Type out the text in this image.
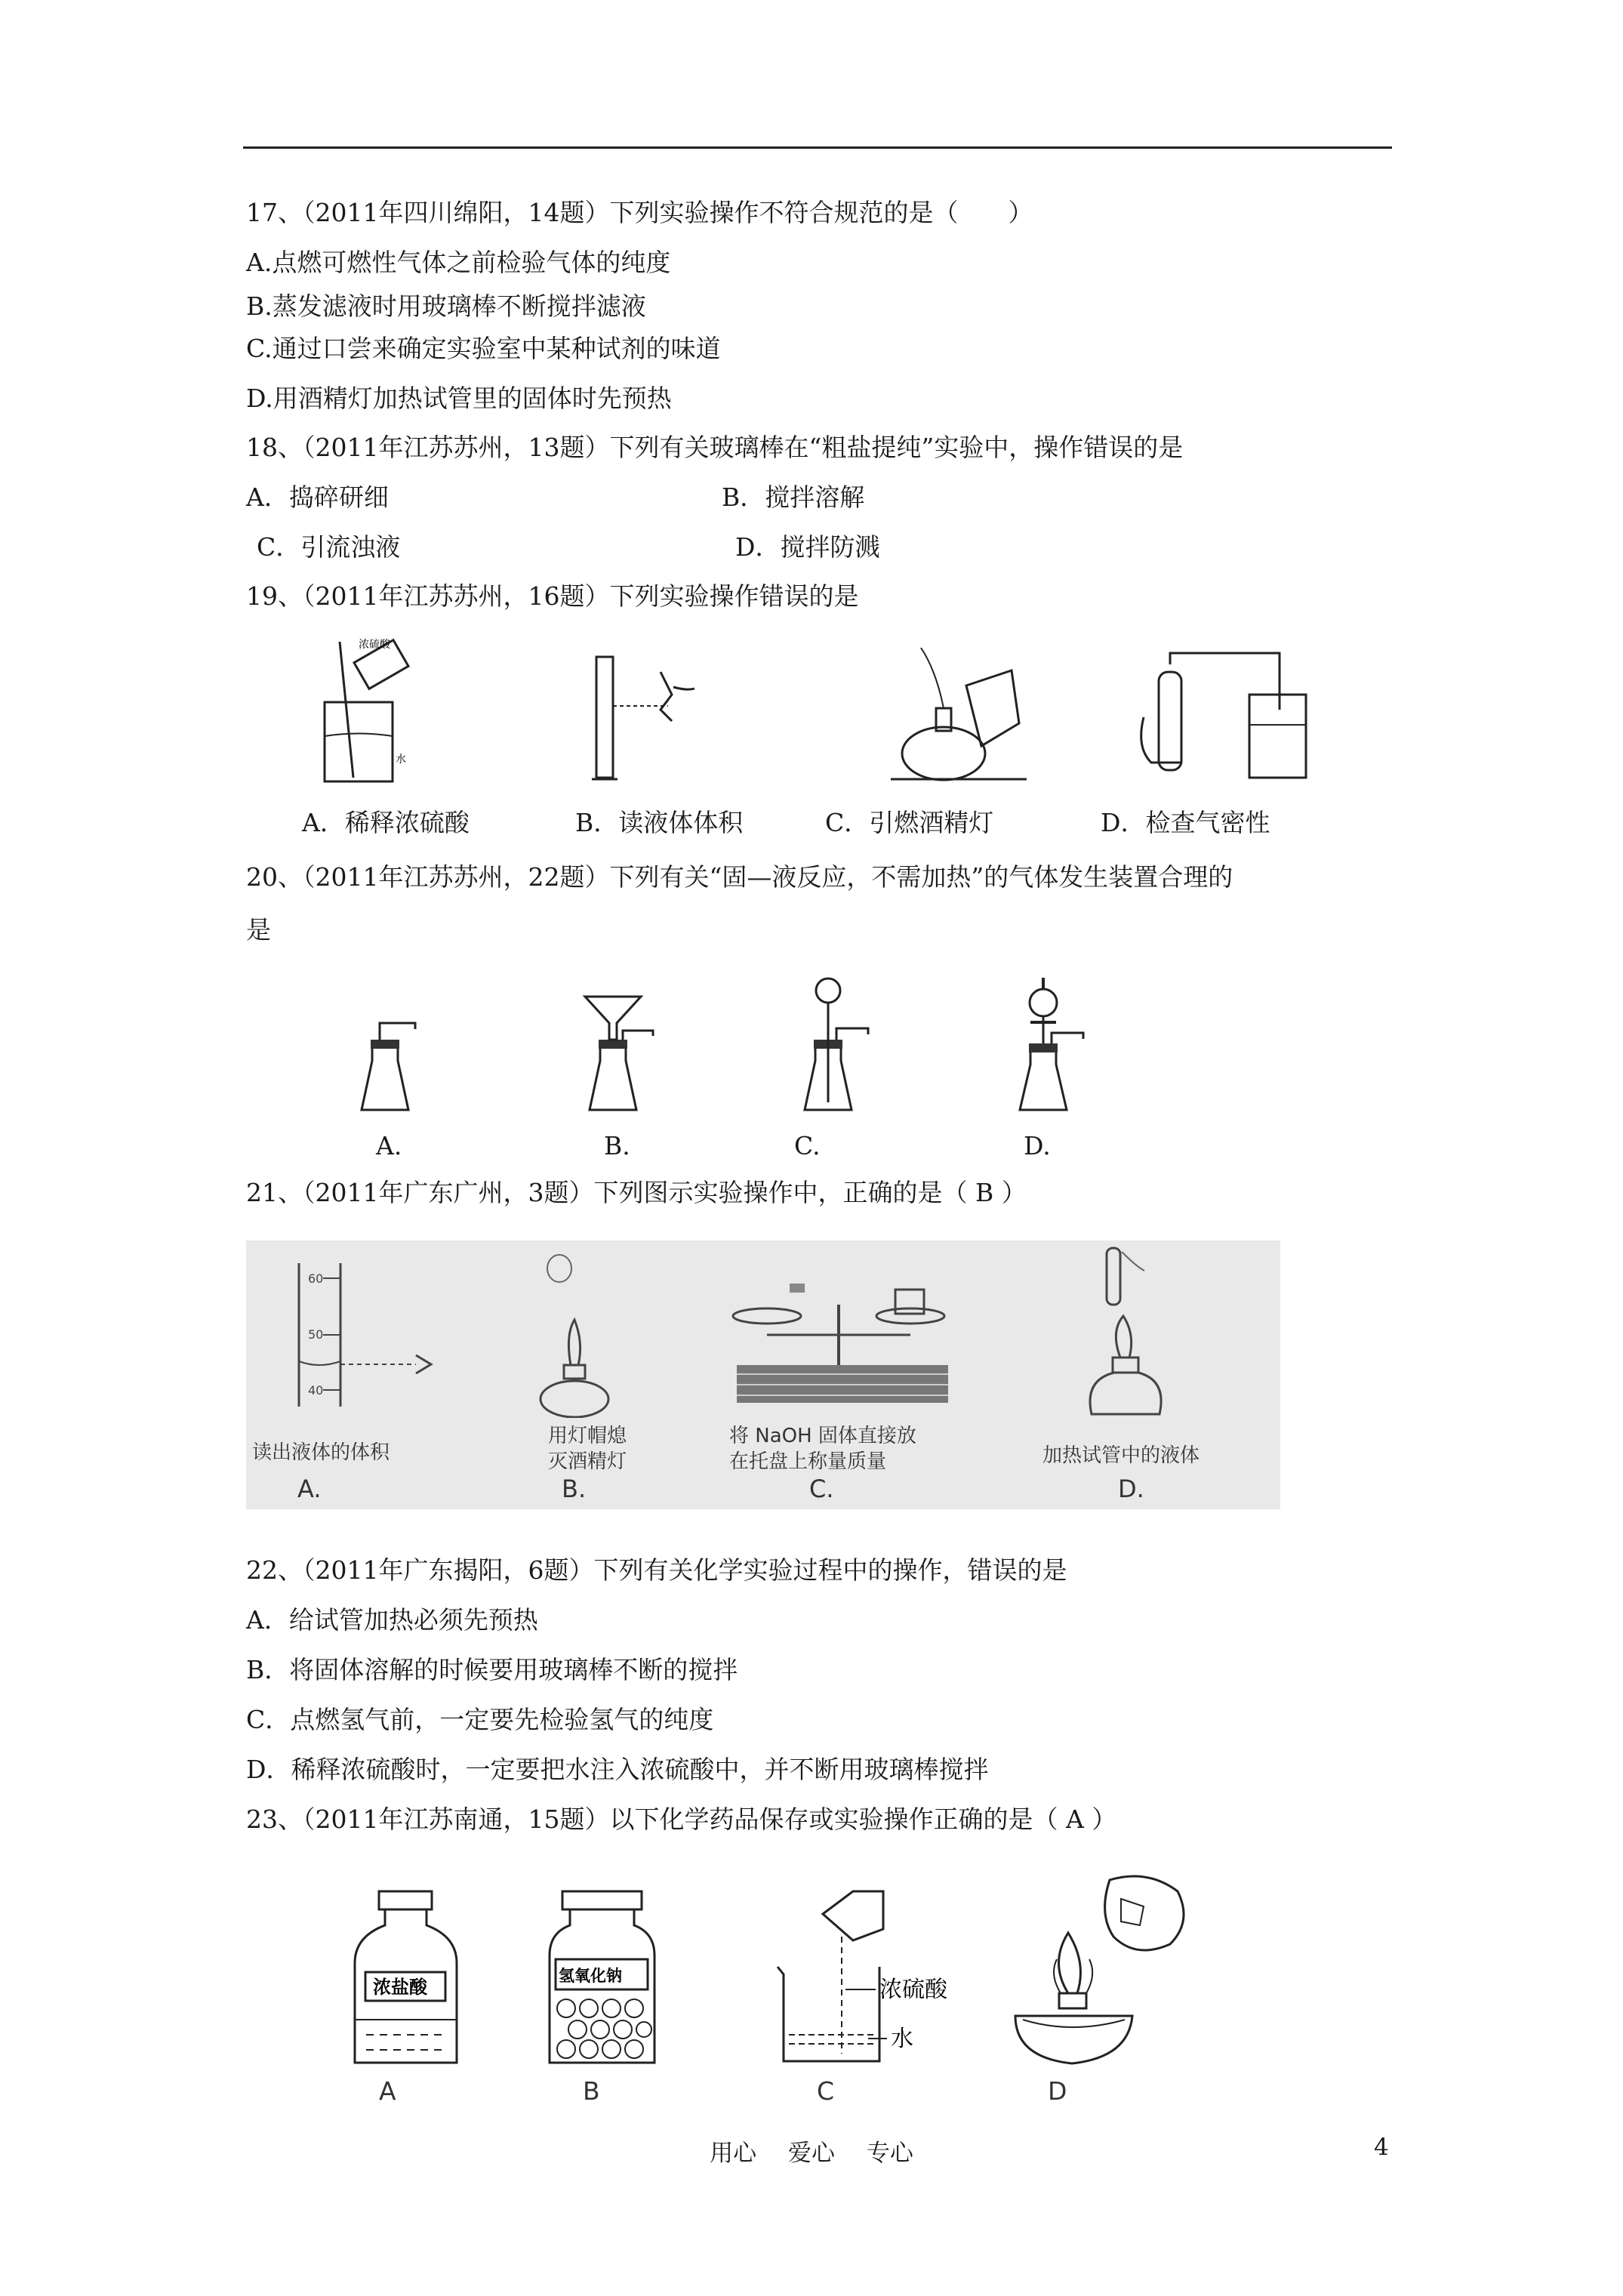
17、（2011年四川绵阳，14题）下列实验操作不符合规范的是（　　）
A.点燃可燃性气体之前检验气体的纯度
B.蒸发滤液时用玻璃棒不断搅拌滤液
C.通过口尝来确定实验室中某种试剂的味道
D.用酒精灯加热试管里的固体时先预热
18、（2011年江苏苏州，13题）下列有关玻璃棒在“粗盐提纯”实验中，操作错误的是
A．捣碎研细	B．搅拌溶解
C．引流浊液	D．搅拌防溅
19、（2011年江苏苏州，16题）下列实验操作错误的是
浓硫酸
水
A．稀释浓硫酸	B．读液体体积	C．引燃酒精灯	D．检查气密性
20、（2011年江苏苏州，22题）下列有关“固—液反应，不需加热”的气体发生装置合理的
是
A.	B.	C.	D.
21、（2011年广东广州，3题）下列图示实验操作中，正确的是（ B ）
60
50
40
读出液体的体积
用灯帽熄
灭酒精灯
将 NaOH 固体直接放
在托盘上称量质量	加热试管中的液体
A.	B.	C.	D.
22、（2011年广东揭阳，6题）下列有关化学实验过程中的操作，错误的是
A．给试管加热必须先预热
B．将固体溶解的时候要用玻璃棒不断的搅拌
C．点燃氢气前，一定要先检验氢气的纯度
D．稀释浓硫酸时，一定要把水注入浓硫酸中，并不断用玻璃棒搅拌
23、（2011年江苏南通，15题）以下化学药品保存或实验操作正确的是（ A ）
浓盐酸
氢氧化钠
浓硫酸
水
A	B	C	D
用心 爱心 专心	4
